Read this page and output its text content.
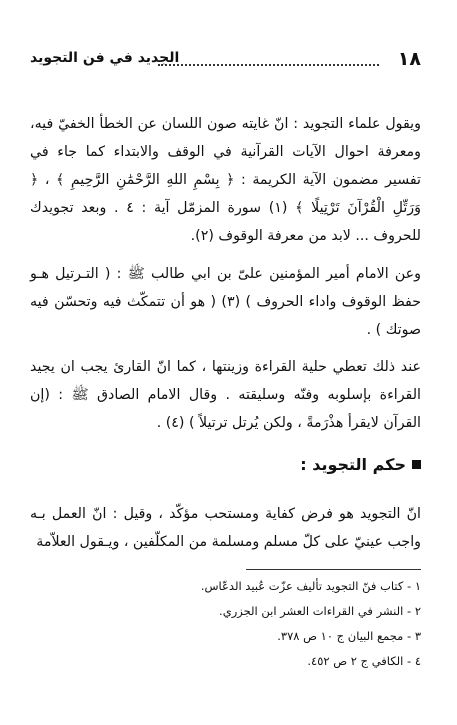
١٨
الجديد في فن التجويد

ويقول علماء التجويد : انّ غايته صون اللسان عن الخطأ الخفيّ فيه، ومعرفة احوال الآيات القرآنية في الوقف والابتداء كما جاء في تفسير مضمون الآية الكريمة : ﴿ بِسْمِ اللهِ الرَّحْمَٰنِ الرَّحِيمِ ﴾ ، ﴿ وَرَتِّلِ الْقُرْآنَ تَرْتِيلًا ﴾ (١) سورة المزمّل آية : ٤ . وبعد تجويدك للحروف ... لابد من معرفة الوقوف (٢).

وعن الامام أمير المؤمنين علىّ بن ابي طالب ﷺ : ( التـرتيل هـو حفظ الوقوف واداء الحروف ) (٣) ( هو أن تتمكّث فيه وتحسّن فيه صوتك ) .

عند ذلك تعطي حلية القراءة وزينتها ، كما انّ القارئ يجب ان يجيد القراءة بإسلوبه وفنّه وسليقته . وقال الامام الصادق ﷺ : (إن القرآن لايقرأ هذْرَمةً ، ولكن يُرتل ترتيلاً ) (٤) .

حكم التجويد :

انّ التجويد هو فرض كفاية ومستحب مؤكّد ، وقيل : انّ العمل بـه واجب عينيّ على كلّ مسلم ومسلمة من المكلّفين ، ويـقول العلاّمة

١ - كتاب فنّ التجويد تأليف عزّت عُبيد الدعّاس.
٢ - النشر في القراءات العشر ابن الجزري.
٣ - مجمع البيان ج ١٠ ص ٣٧٨.
٤ - الكافي ج ٢ ص ٤٥٢.
